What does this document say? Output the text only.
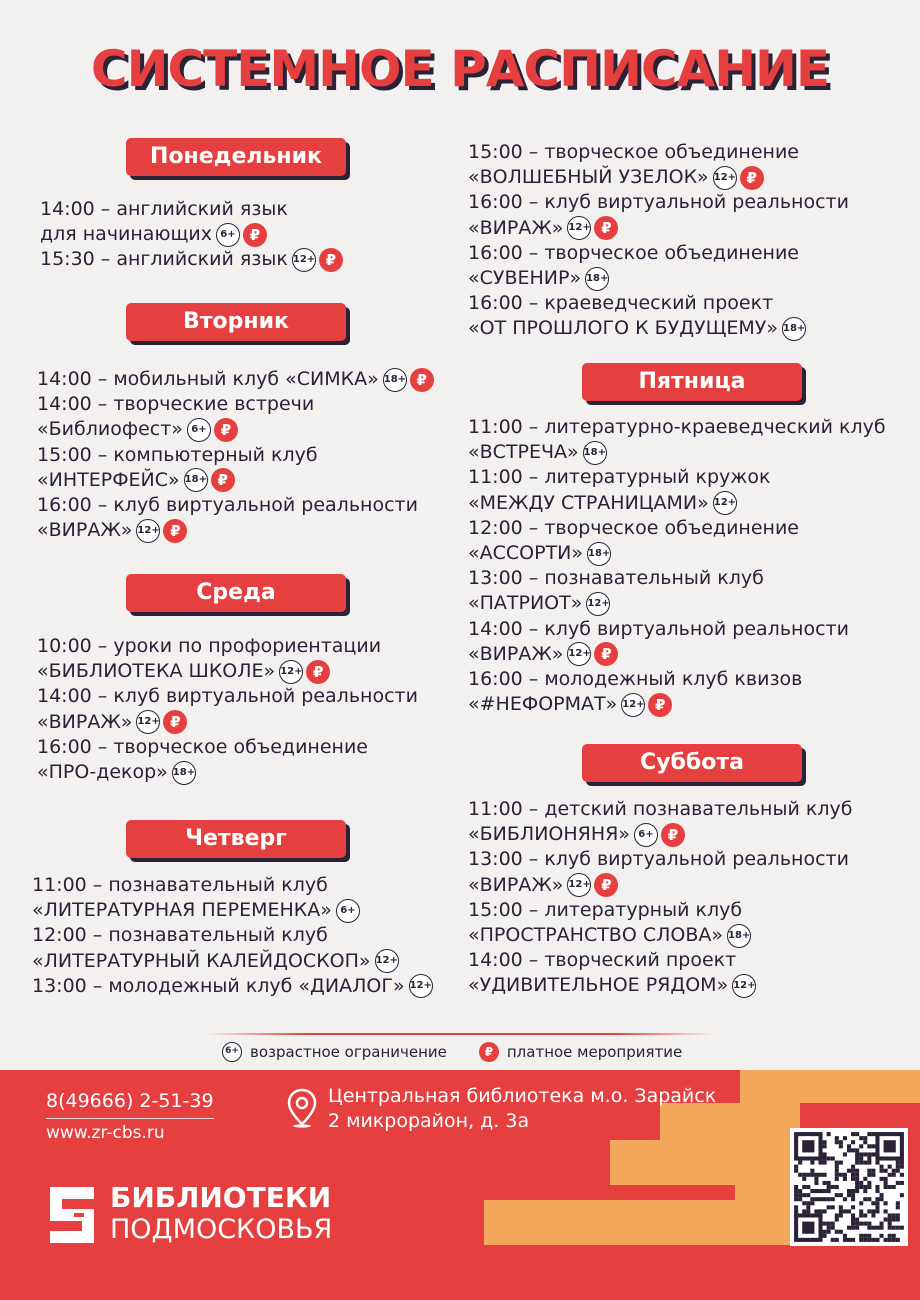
СИСТЕМНОЕ РАСПИСАНИЕ
Понедельник
Вторник
Среда
Четверг
Пятница
Суббота
14:00 – английский язык
для начинающих 6+ ₽
15:30 – английский язык 12+ ₽
14:00 – мобильный клуб «СИМКА» 18+ ₽
14:00 – творческие встречи
«Библиофест» 6+ ₽
15:00 – компьютерный клуб
«ИНТЕРФЕЙС» 18+ ₽
16:00 – клуб виртуальной реальности
«ВИРАЖ» 12+ ₽
10:00 – уроки по профориентации
«БИБЛИОТЕКА ШКОЛЕ» 12+ ₽
14:00 – клуб виртуальной реальности
«ВИРАЖ» 12+ ₽
16:00 – творческое объединение
«ПРО-декор» 18+
11:00 – познавательный клуб
«ЛИТЕРАТУРНАЯ ПЕРЕМЕНКА» 6+
12:00 – познавательный клуб
«ЛИТЕРАТУРНЫЙ КАЛЕЙДОСКОП» 12+
13:00 – молодежный клуб «ДИАЛОГ» 12+
15:00 – творческое объединение
«ВОЛШЕБНЫЙ УЗЕЛОК» 12+ ₽
16:00 – клуб виртуальной реальности
«ВИРАЖ» 12+ ₽
16:00 – творческое объединение
«СУВЕНИР» 18+
16:00 – краеведческий проект
«ОТ ПРОШЛОГО К БУДУЩЕМУ» 18+
11:00 – литературно-краеведческий клуб
«ВСТРЕЧА» 18+
11:00 – литературный кружок
«МЕЖДУ СТРАНИЦАМИ» 12+
12:00 – творческое объединение
«АССОРТИ» 18+
13:00 – познавательный клуб
«ПАТРИОТ» 12+
14:00 – клуб виртуальной реальности
«ВИРАЖ» 12+ ₽
16:00 – молодежный клуб квизов
«#НЕФОРМАТ» 12+ ₽
11:00 – детский познавательный клуб
«БИБЛИОНЯНЯ» 6+ ₽
13:00 – клуб виртуальной реальности
«ВИРАЖ» 12+ ₽
15:00 – литературный клуб
«ПРОСТРАНСТВО СЛОВА» 18+
14:00 – творческий проект
«УДИВИТЕЛЬНОЕ РЯДОМ» 12+
6+ возрастное ограничение	₽ платное мероприятие
8(49666) 2-51-39
www.zr-cbs.ru
Центральная библиотека м.о. Зарайск
2 микрорайон, д. 3а
БИБЛИОТЕКИ
ПОДМОСКОВЬЯ
